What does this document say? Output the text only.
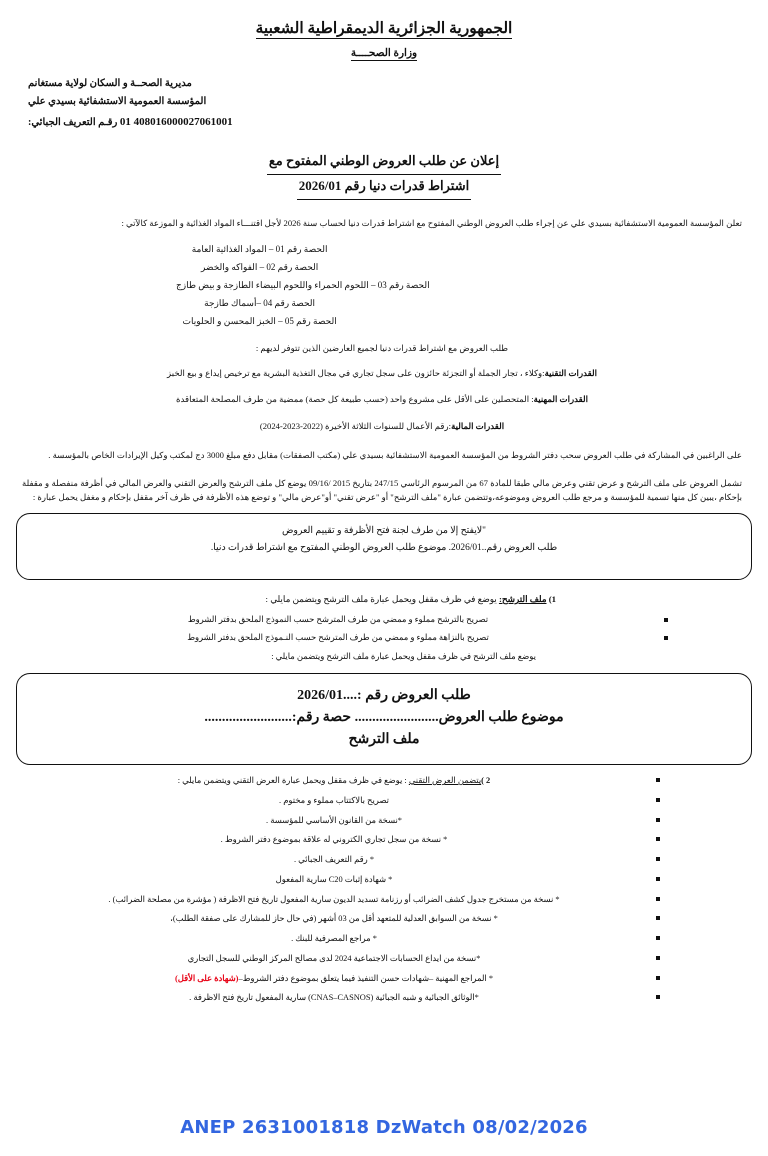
الجمهورية الجزائرية الديمقراطية الشعبية
وزارة الصحــــة
مديرية الصحــة و السكان لولاية مستغانم
المؤسسة العمومية الاستشفائية بسيدي علي
408016000027061001 01 رقـم التعريف الجبائي:
إعلان عن طلب العروض الوطني المفتوح مع
اشتراط قدرات دنيا رقم 2026/01

تعلن المؤسسة العمومية الاستشفائية بسيدي علي عن إجراء طلب العروض الوطني المفتوح مع اشتراط قدرات دنيا لحساب سنة 2026 لأجل اقتنـــاء المواد الغذائية و الموزعة كالآتي :

الحصة رقم 01 – المواد الغذائية العامة
الحصة رقم 02 – الفواكه والخضر
الحصة رقم 03 – اللحوم الحمراء واللحوم البيضاء الطازجة و بيض طازج
الحصة رقم 04 –أسماك طازجة
الحصة رقم 05 – الخبز المحسن و الحلويات

طلب العروض مع اشتراط قدرات دنيا لجميع العارضين الذين تتوفر لديهم :

القدرات التقنية:وكلاء ، تجار الجملة أو التجزئة حائزون على سجل تجاري في مجال التغذية البشرية مع ترخيص إيداع و بيع الخبز

القدرات المهنية: المتحصلين على الأقل على مشروع واحد (حسب طبيعة كل حصة) ممضية من طرف المصلحة المتعاقدة

القدرات المالية:رقم الأعمال للسنوات الثلاثة الأخيرة (2022-2023-2024)

على الراغبين في المشاركة في طلب العروض سحب دفتر الشروط من المؤسسة العمومية الاستشفائية بسيدي علي (مكتب الصفقات) مقابل دفع مبلغ 3000 دج لمكتب وكيل الإيرادات الخاص بالمؤسسة .

تشمل العروض على ملف الترشح و عرض تقني وعرض مالي طبقا للمادة 67 من المرسوم الرئاسي 247/15 بتاريخ 2015 /09/16 يوضع كل ملف الترشح والعرض التقني والعرض المالي في أظرفة منفصلة و مقفلة بإحكام ،يبين كل منها تسمية للمؤسسة و مرجع طلب العروض وموضوعه،وتتضمن عبارة "ملف الترشح" أو "عرض تقني" أو"عرض مالي" و توضع هذه الأظرفة في ظرف آخر مقفل بإحكام و مغفل يحمل عبارة :

"لايفتح إلا من طرف لجنة فتح الأظرفة و تقييم العروض
طلب العروض رقم..2026/01. موضوع طلب العروض الوطني المفتوح مع اشتراط قدرات دنيا.

1) ملف الترشح: يوضع في ظرف مقفل ويحمل عبارة ملف الترشح ويتضمن مايلي :

تصريح بالترشح مملوء و ممضي من طرف المترشح حسب النموذج الملحق بدفتر الشروط
تصريح بالنزاهة مملوء و ممضي من طرف المترشح حسب النـموذج الملحق بدفتر الشروط

يوضع ملف الترشح في ظرف مقفل ويحمل عبارة ملف الترشح ويتضمن مايلي :

طلب العروض رقم :....2026/01
موضوع طلب العروض........................ حصة رقم:.........................
ملف الترشح
2 )يتضمن العرض التقني : يوضع في ظرف مقفل ويحمل عبارة العرض التقني ويتضمن مايلي :
تصريح بالاكتتاب مملوء و مختوم .
*نسخة من القانون الأساسي للمؤسسة .
* نسخة من سجل تجاري الكتروني له علاقة بموضوع دفتر الشروط .
* رقم التعريف الجبائي .
* شهادة إثبات C20 سارية المفعول
* نسخة من مستخرج جدول كشف الضرائب أو رزنامة تسديد الديون سارية المفعول تاريخ فتح الاظرفة ( مؤشرة من مصلحة الضرائب) .
* نسخة من السوابق العدلية للمتعهد أقل من 03 أشهر (في حال حاز للمشارك على صفقة الطلب)،
* مراجع المصرفية للبنك .
*نسخة من ايداع الحسابات الاجتماعية 2024 لدى مصالح المركز الوطني للسجل التجاري
* المراجع المهنية –شهادات حسن التنفيذ فيما يتعلق بموضوع دفتر الشروط–(شهادة على الأقل)
*الوثائق الجبائية و شبه الجبائية (CNAS–CASNOS) سارية المفعول تاريخ فتح الاظرفة .
ANEP 2631001818 DzWatch 08/02/2026
